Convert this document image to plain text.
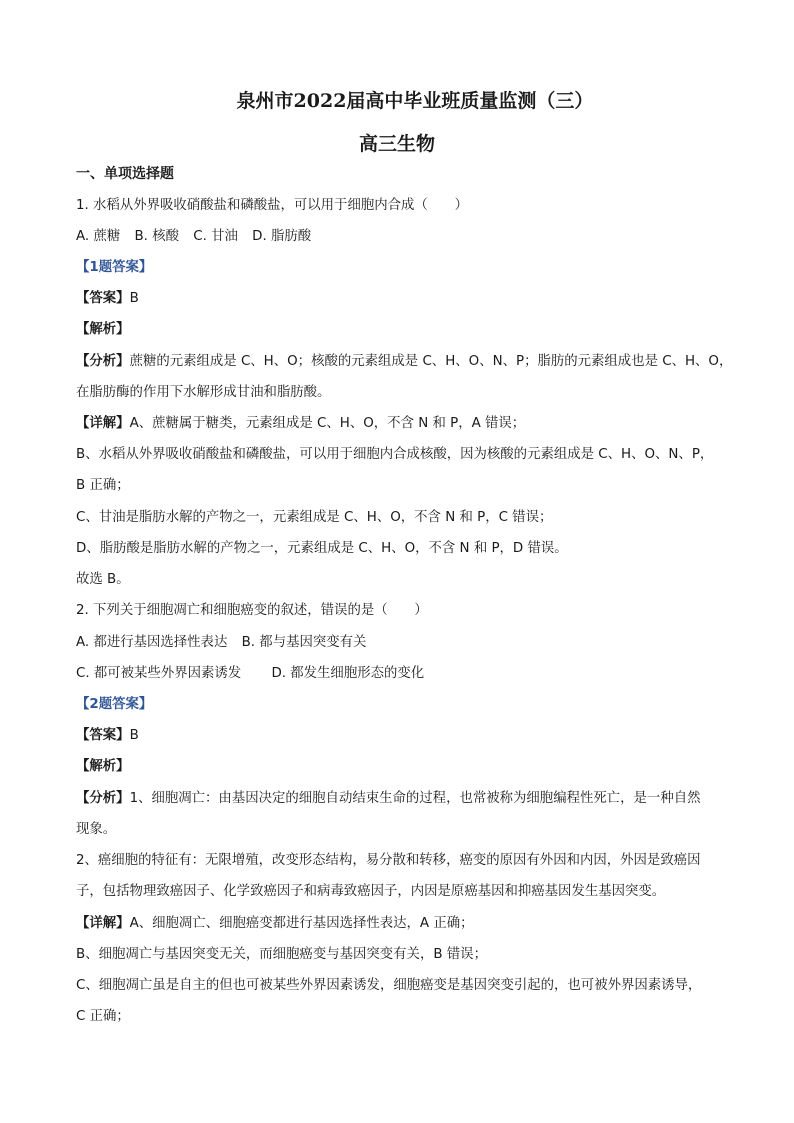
泉州市2022届高中毕业班质量监测（三）
高三生物
一、单项选择题
1. 水稻从外界吸收硝酸盐和磷酸盐，可以用于细胞内合成（　　）
A. 蔗糖 B. 核酸 C. 甘油 D. 脂肪酸
【1题答案】
【答案】B
【解析】
【分析】蔗糖的元素组成是 C、H、O；核酸的元素组成是 C、H、O、N、P；脂肪的元素组成也是 C、H、O，
在脂肪酶的作用下水解形成甘油和脂肪酸。
【详解】A、蔗糖属于糖类，元素组成是 C、H、O，不含 N 和 P，A 错误；
B、水稻从外界吸收硝酸盐和磷酸盐，可以用于细胞内合成核酸，因为核酸的元素组成是 C、H、O、N、P，
B 正确；
C、甘油是脂肪水解的产物之一，元素组成是 C、H、O，不含 N 和 P，C 错误；
D、脂肪酸是脂肪水解的产物之一，元素组成是 C、H、O，不含 N 和 P，D 错误。
故选 B。
2. 下列关于细胞凋亡和细胞癌变的叙述，错误的是（　　）
A. 都进行基因选择性表达 B. 都与基因突变有关
C. 都可被某些外界因素诱发 D. 都发生细胞形态的变化
【2题答案】
【答案】B
【解析】
【分析】1、细胞凋亡：由基因决定的细胞自动结束生命的过程，也常被称为细胞编程性死亡，是一种自然
现象。
2、癌细胞的特征有：无限增殖，改变形态结构，易分散和转移，癌变的原因有外因和内因，外因是致癌因
子，包括物理致癌因子、化学致癌因子和病毒致癌因子，内因是原癌基因和抑癌基因发生基因突变。
【详解】A、细胞凋亡、细胞癌变都进行基因选择性表达，A 正确；
B、细胞凋亡与基因突变无关，而细胞癌变与基因突变有关，B 错误；
C、细胞凋亡虽是自主的但也可被某些外界因素诱发，细胞癌变是基因突变引起的，也可被外界因素诱导，
C 正确；
